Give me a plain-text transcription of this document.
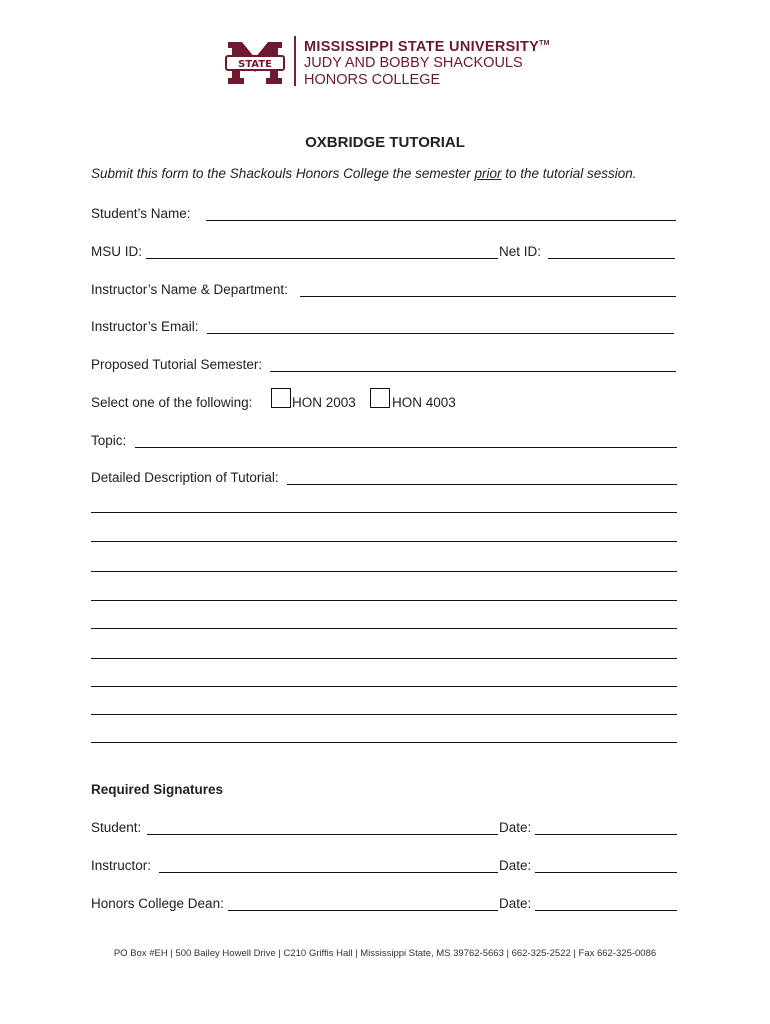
STATE
MISSISSIPPI STATE UNIVERSITY™
JUDY AND BOBBY SHACKOULS
HONORS COLLEGE
OXBRIDGE TUTORIAL
Submit this form to the Shackouls Honors College the semester prior to the tutorial session.
Student’s Name:
MSU ID:	Net ID:
Instructor’s Name & Department:
Instructor’s Email:
Proposed Tutorial Semester:
Select one of the following:	HON 2003	HON 4003
Topic:
Detailed Description of Tutorial:
Required Signatures
Student:	Date:
Instructor:	Date:
Honors College Dean:	Date:
PO Box #EH | 500 Bailey Howell Drive | C210 Griffis Hall | Mississippi State, MS 39762-5663 | 662-325-2522 | Fax 662-325-0086
